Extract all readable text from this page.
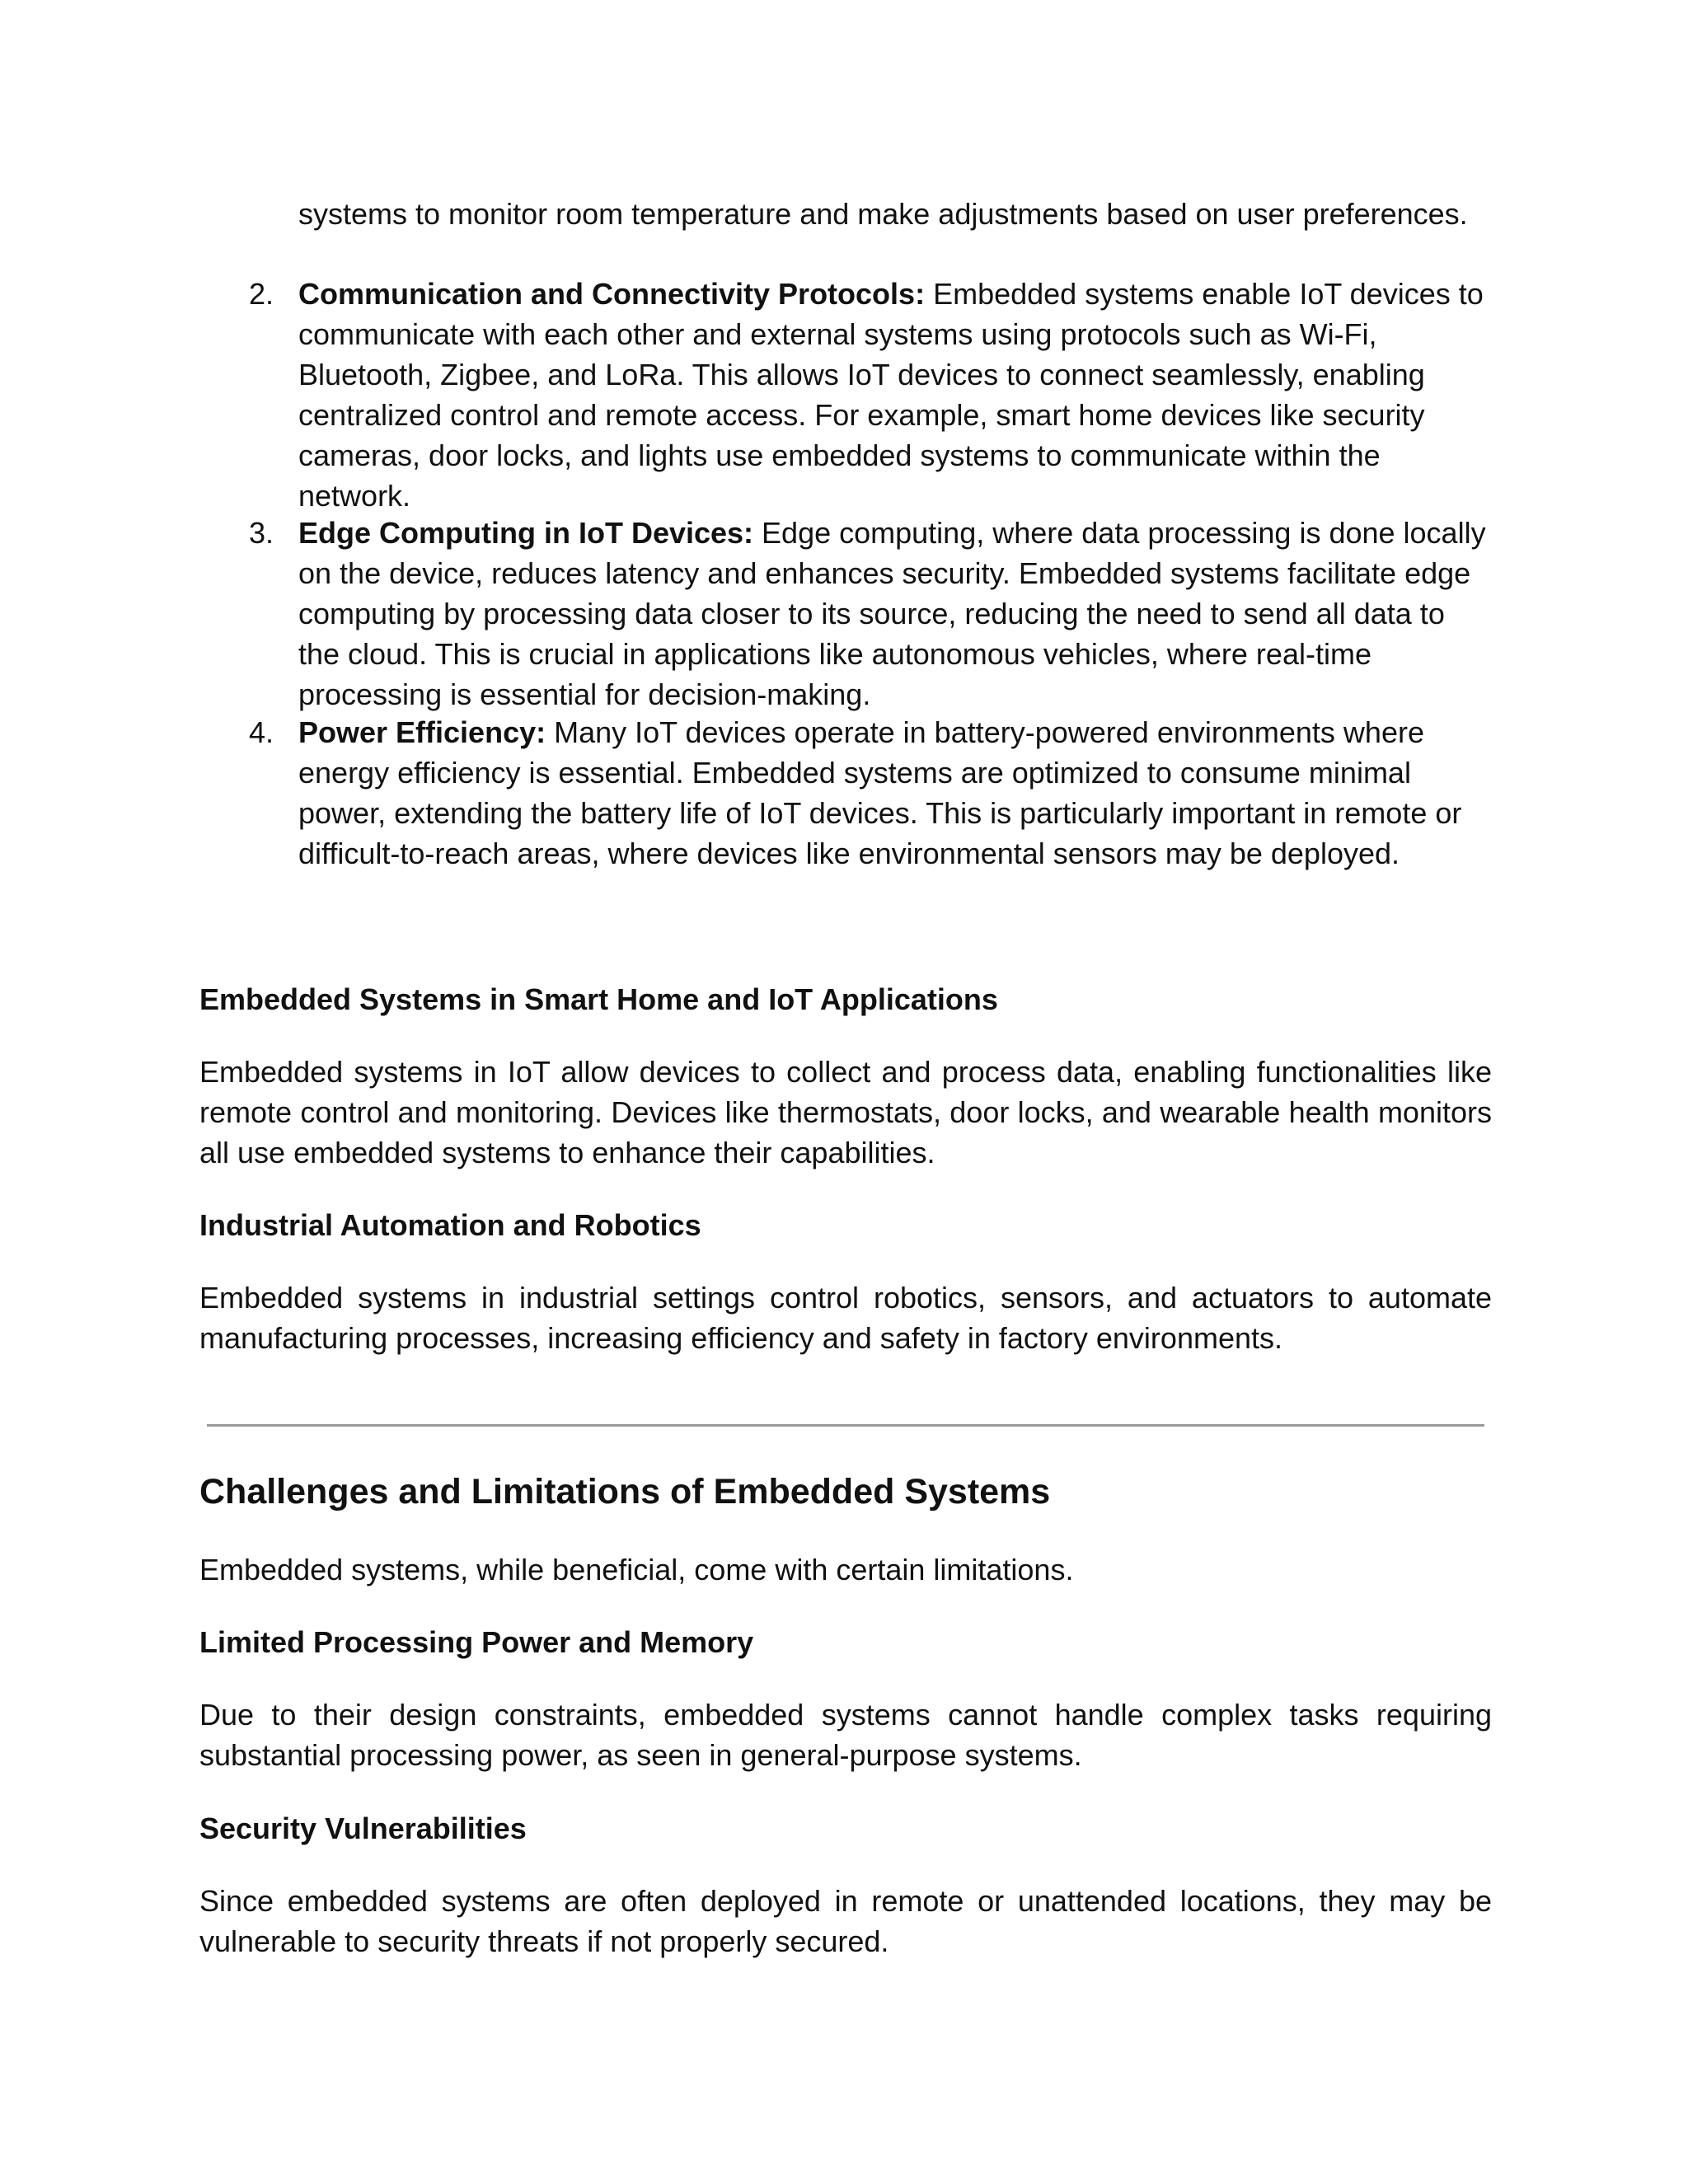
systems to monitor room temperature and make adjustments based on user preferences.
2. Communication and Connectivity Protocols: Embedded systems enable IoT devices to communicate with each other and external systems using protocols such as Wi-Fi, Bluetooth, Zigbee, and LoRa. This allows IoT devices to connect seamlessly, enabling centralized control and remote access. For example, smart home devices like security cameras, door locks, and lights use embedded systems to communicate within the network.
3. Edge Computing in IoT Devices: Edge computing, where data processing is done locally on the device, reduces latency and enhances security. Embedded systems facilitate edge computing by processing data closer to its source, reducing the need to send all data to the cloud. This is crucial in applications like autonomous vehicles, where real-time processing is essential for decision-making.
4. Power Efficiency: Many IoT devices operate in battery-powered environments where energy efficiency is essential. Embedded systems are optimized to consume minimal power, extending the battery life of IoT devices. This is particularly important in remote or difficult-to-reach areas, where devices like environmental sensors may be deployed.
Embedded Systems in Smart Home and IoT Applications
Embedded systems in IoT allow devices to collect and process data, enabling functionalities like remote control and monitoring. Devices like thermostats, door locks, and wearable health monitors all use embedded systems to enhance their capabilities.
Industrial Automation and Robotics
Embedded systems in industrial settings control robotics, sensors, and actuators to automate manufacturing processes, increasing efficiency and safety in factory environments.
Challenges and Limitations of Embedded Systems
Embedded systems, while beneficial, come with certain limitations.
Limited Processing Power and Memory
Due to their design constraints, embedded systems cannot handle complex tasks requiring substantial processing power, as seen in general-purpose systems.
Security Vulnerabilities
Since embedded systems are often deployed in remote or unattended locations, they may be vulnerable to security threats if not properly secured.
